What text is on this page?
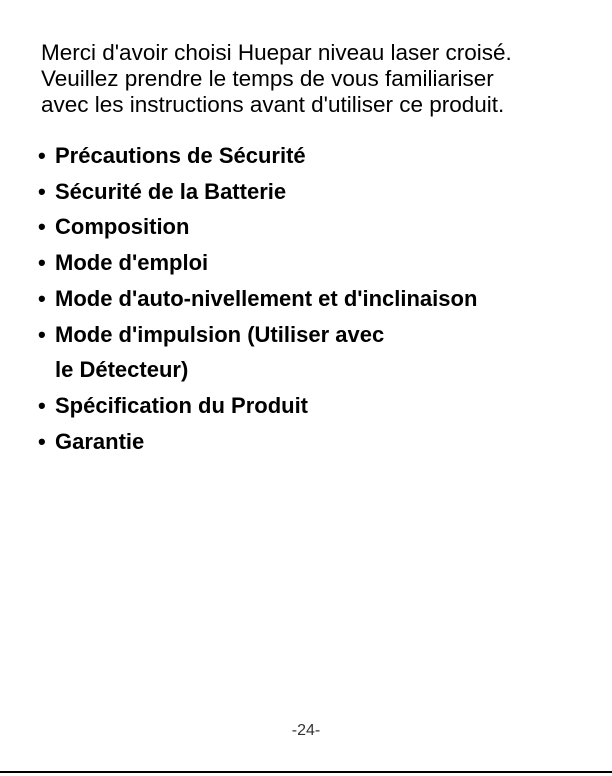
Merci d'avoir choisi Huepar niveau laser croisé.
Veuillez prendre le temps de vous familiariser
avec les instructions avant d'utiliser ce produit.
• Précautions de Sécurité
• Sécurité de la Batterie
• Composition
• Mode d'emploi
• Mode d'auto-nivellement et d'inclinaison
• Mode d'impulsion (Utiliser avec
le Détecteur)
• Spécification du Produit
• Garantie
-24-
